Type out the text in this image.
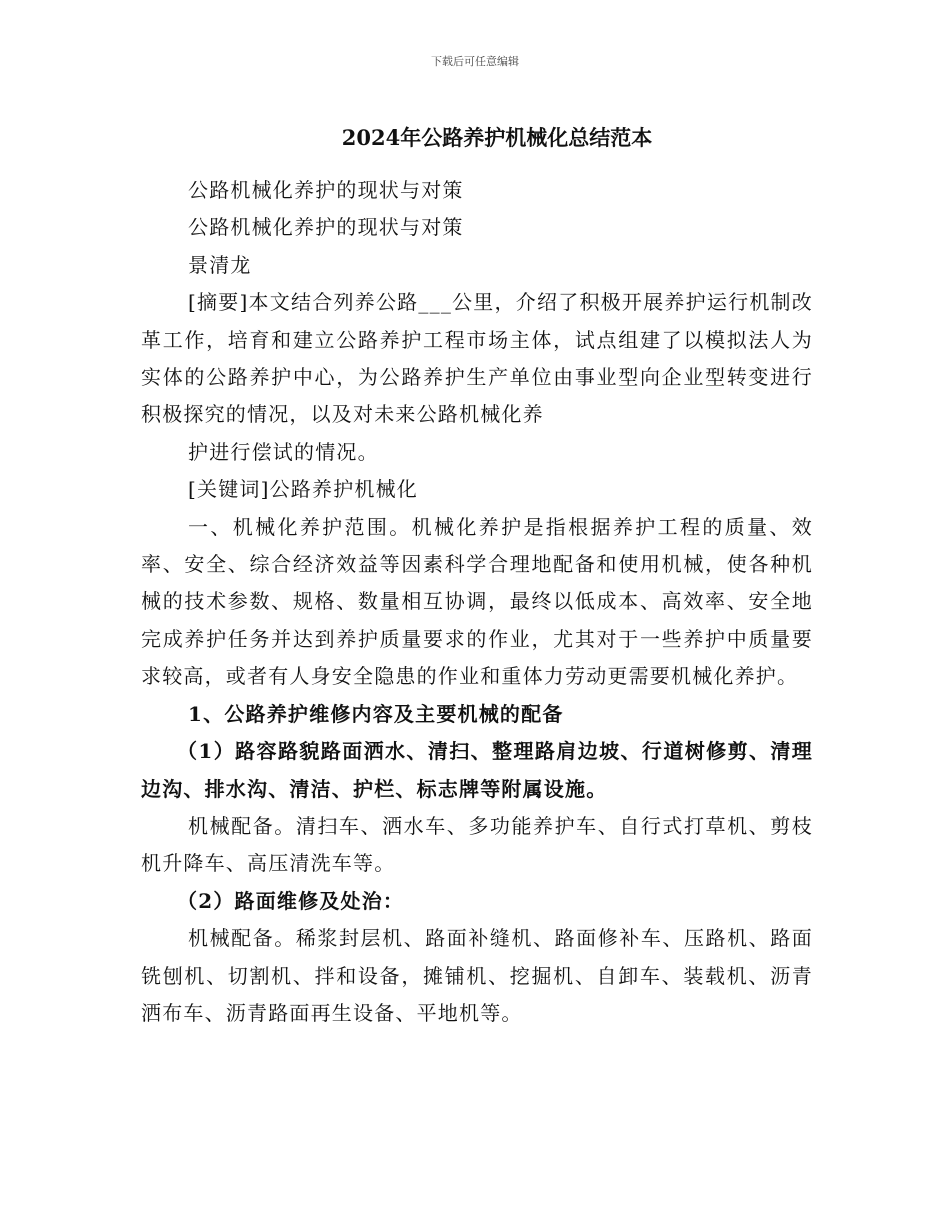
下载后可任意编辑
2024年公路养护机械化总结范本

公路机械化养护的现状与对策

公路机械化养护的现状与对策

景清龙

[摘要]本文结合列养公路___公里，介绍了积极开展养护运行机制改革工作，培育和建立公路养护工程市场主体，试点组建了以模拟法人为实体的公路养护中心，为公路养护生产单位由事业型向企业型转变进行积极探究的情况，以及对未来公路机械化养

护进行偿试的情况。

[关键词]公路养护机械化

一、机械化养护范围。机械化养护是指根据养护工程的质量、效率、安全、综合经济效益等因素科学合理地配备和使用机械，使各种机械的技术参数、规格、数量相互协调，最终以低成本、高效率、安全地完成养护任务并达到养护质量要求的作业，尤其对于一些养护中质量要求较高，或者有人身安全隐患的作业和重体力劳动更需要机械化养护。

1、公路养护维修内容及主要机械的配备

（1）路容路貌路面洒水、清扫、整理路肩边坡、行道树修剪、清理边沟、排水沟、清洁、护栏、标志牌等附属设施。

机械配备。清扫车、洒水车、多功能养护车、自行式打草机、剪枝机升降车、高压清洗车等。

（2）路面维修及处治：

机械配备。稀浆封层机、路面补缝机、路面修补车、压路机、路面铣刨机、切割机、拌和设备，摊铺机、挖掘机、自卸车、装载机、沥青洒布车、沥青路面再生设备、平地机等。
